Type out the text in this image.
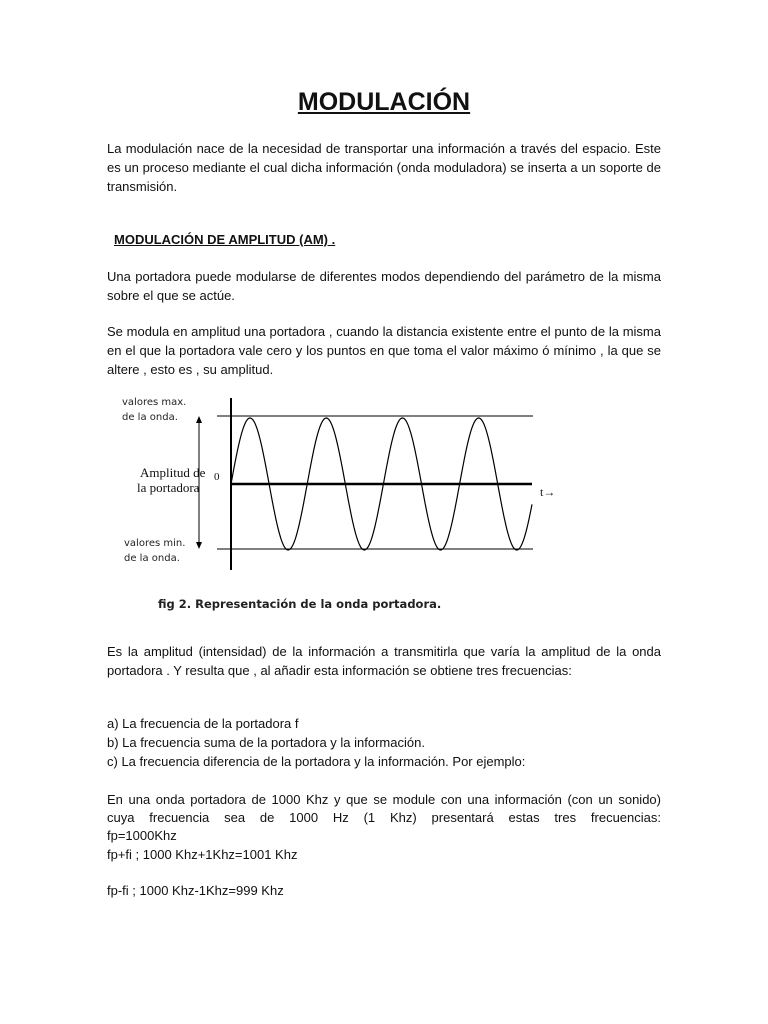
MODULACIÓN

La modulación nace de la necesidad de transportar una información a través del espacio. Este es un proceso mediante el cual dicha información (onda moduladora) se inserta a un soporte de transmisión.

MODULACIÓN DE AMPLITUD (AM) .

Una portadora puede modularse de diferentes modos dependiendo del parámetro de la misma sobre el que se actúe.

Se modula en amplitud una portadora , cuando la distancia existente entre el punto de la misma en el que la portadora vale cero y los puntos en que toma el valor máximo ó mínimo , la que se altere , esto es , su amplitud.

valores max.
de la onda.
Amplitud de
la portadora
0
t→
valores min.
de la onda.
fig 2. Representación de la onda portadora.

Es la amplitud (intensidad) de la información a transmitirla que varía la amplitud de la onda portadora . Y resulta que , al añadir esta información se obtiene tres frecuencias:

a) La frecuencia de la portadora f
b) La frecuencia suma de la portadora y la información.
c) La frecuencia diferencia de la portadora y la información. Por ejemplo:
En una onda portadora de 1000 Khz y que se module con una información (con un sonido)
cuya frecuencia sea de 1000 Hz (1 Khz) presentará estas tres frecuencias:
fp=1000Khz
fp+fi ; 1000 Khz+1Khz=1001 Khz
fp-fi ; 1000 Khz-1Khz=999 Khz
